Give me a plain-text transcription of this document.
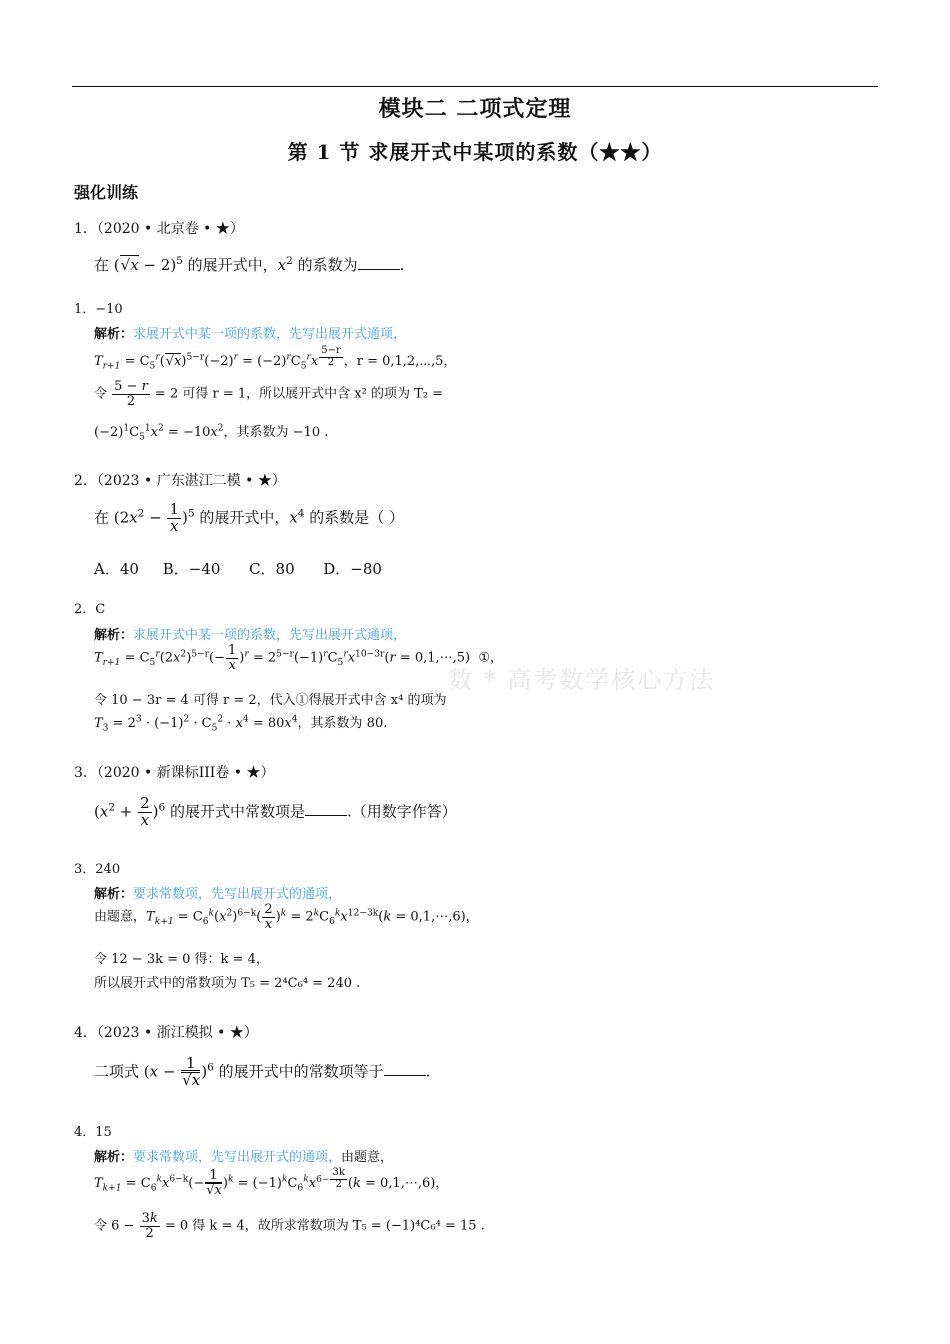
模块二 二项式定理
第 1 节 求展开式中某项的系数（★★）
强化训练
数 * 高考数学核心方法
1．（2020 • 北京卷 • ★）
在 $(√x - 2)^5$ 的展开式中，$x^2$ 的系数为	.
1．−10
解析：求展开式中某一项的系数，先写出展开式通项，
$T_{r+1} = C_5^r(√x)^{5-r}(-2)^r = (-2)^rC_5^rx$ $^{\frac{5-r}{2}}$ ，r = 0,1,2,⋯,5，
令 $\frac{5 - r}{2} = 2$ 可得 r = 1，所以展开式中含 x² 的项为 T₂ =
$(-2)^1C_5^1x^2 = -10x^2$，其系数为 −10 .
2．（2023 • 广东湛江二模 • ★）
在 $(2x^2 - \frac{1}{x} )^5$ 的展开式中，$x^4$ 的系数是（ ）
A．40 B．−40 C．80 D．−80
2．C
解析：求展开式中某一项的系数，先写出展开式通项，
$T_{r+1} = C_5^r(2x^2)^{5-r}(- \frac{1}{x} )^r = 2^{5-r}(-1)^rC_5^rx^{10-3r}(r$ = 0,1,⋯,5)  ①，
令 10 − 3r = 4 可得 r = 2，代入①得展开式中含 x⁴ 的项为
$T_3 = 2^3 \cdot (-1)^2 \cdot C_5^2 \cdot x^4 = 80x^4$，其系数为 80.
3．（2020 • 新课标III卷 • ★）
$(x^2 + \frac{2}{x} )^6$ 的展开式中常数项是	.（用数字作答）
3．240
解析：要求常数项，先写出展开式的通项，
由题意，$T_{k+1} = C_6^k(x^2)^{6-k}( \frac{2}{x} )^k = 2^kC_6^kx^{12-3k}(k$ = 0,1,⋯,6)，
令 12 − 3k = 0 得：k = 4，
所以展开式中的常数项为 T₅ = 2⁴C₆⁴ = 240 .
4．（2023 • 浙江模拟 • ★）
二项式 $(x - \frac{1}{√x} )^6$ 的展开式中的常数项等于	.
4．15
解析：要求常数项，先写出展开式的通项，由题意，
$T_{k+1} = C_6^kx^{6-k}(- \frac{1}{√x} )^k = (-1)^kC_6^kx^{6- \frac{3k}{2}}$ (k = 0,1,⋯,6)，
令 $6 - \frac{3k}{2} = 0$ 得 k = 4，故所求常数项为 T₅ = (−1)⁴C₆⁴ = 15 .
